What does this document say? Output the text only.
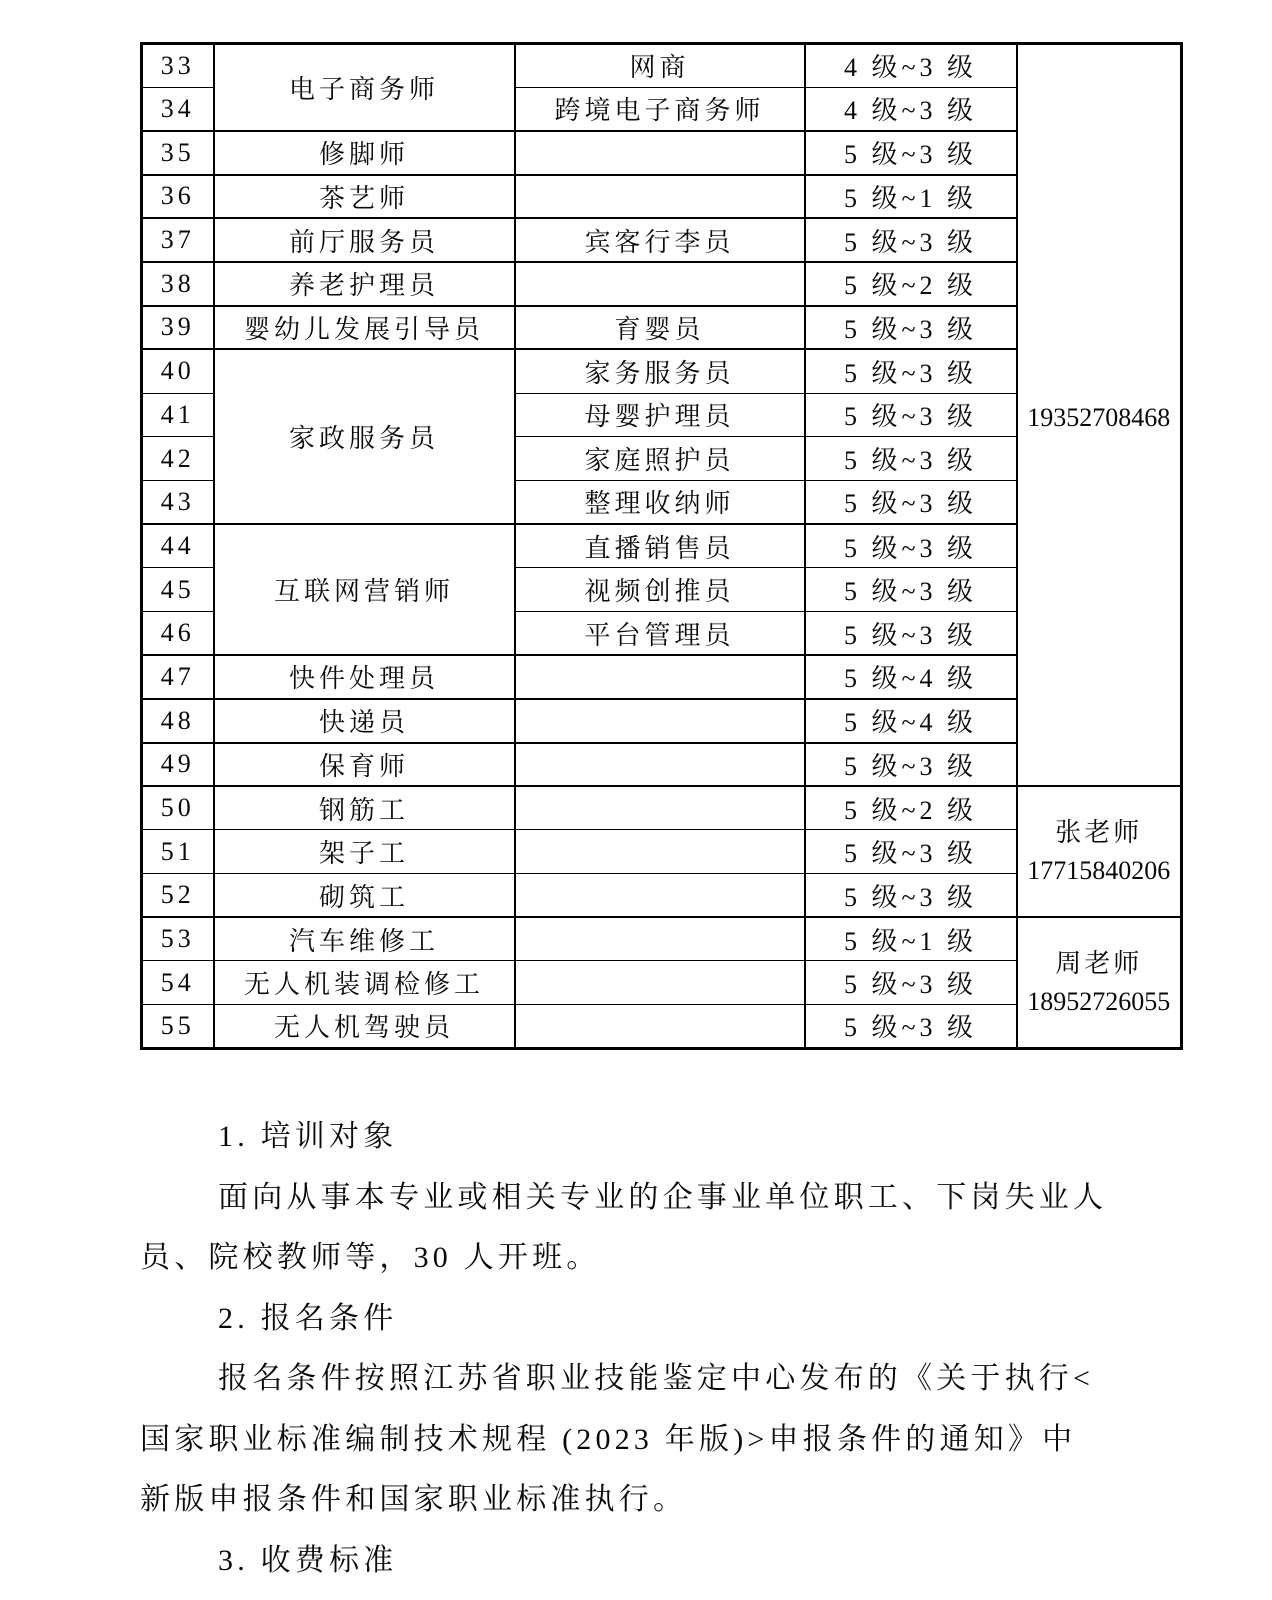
33	电子商务师	网商	4 级~3 级	19352708468

34		跨境电子商务师	4 级~3 级	
35	修脚师		5 级~3 级	
36	茶艺师		5 级~1 级	
37	前厅服务员	宾客行李员	5 级~3 级	
38	养老护理员		5 级~2 级	
39	婴幼儿发展引导员	育婴员	5 级~3 级	
40	家政服务员	家务服务员	5 级~3 级	
41		母婴护理员	5 级~3 级	
42		家庭照护员	5 级~3 级	
43		整理收纳师	5 级~3 级	
44	互联网营销师	直播销售员	5 级~3 级	
45		视频创推员	5 级~3 级	
46		平台管理员	5 级~3 级	
47	快件处理员		5 级~4 级	
48	快递员		5 级~4 级	
49	保育师		5 级~3 级	
50	钢筋工		5 级~2 级	张老师
17715840206

51	架子工		5 级~3 级	
52	砌筑工		5 级~3 级	
53	汽车维修工		5 级~1 级	周老师
18952726055

54	无人机装调检修工		5 级~3 级	
55	无人机驾驶员		5 级~3 级	
1. 培训对象
面向从事本专业或相关专业的企事业单位职工、下岗失业人
员、院校教师等，30 人开班。
2. 报名条件
报名条件按照江苏省职业技能鉴定中心发布的《关于执行<
国家职业标准编制技术规程 (2023 年版)>申报条件的通知》中
新版申报条件和国家职业标准执行。
3. 收费标准
